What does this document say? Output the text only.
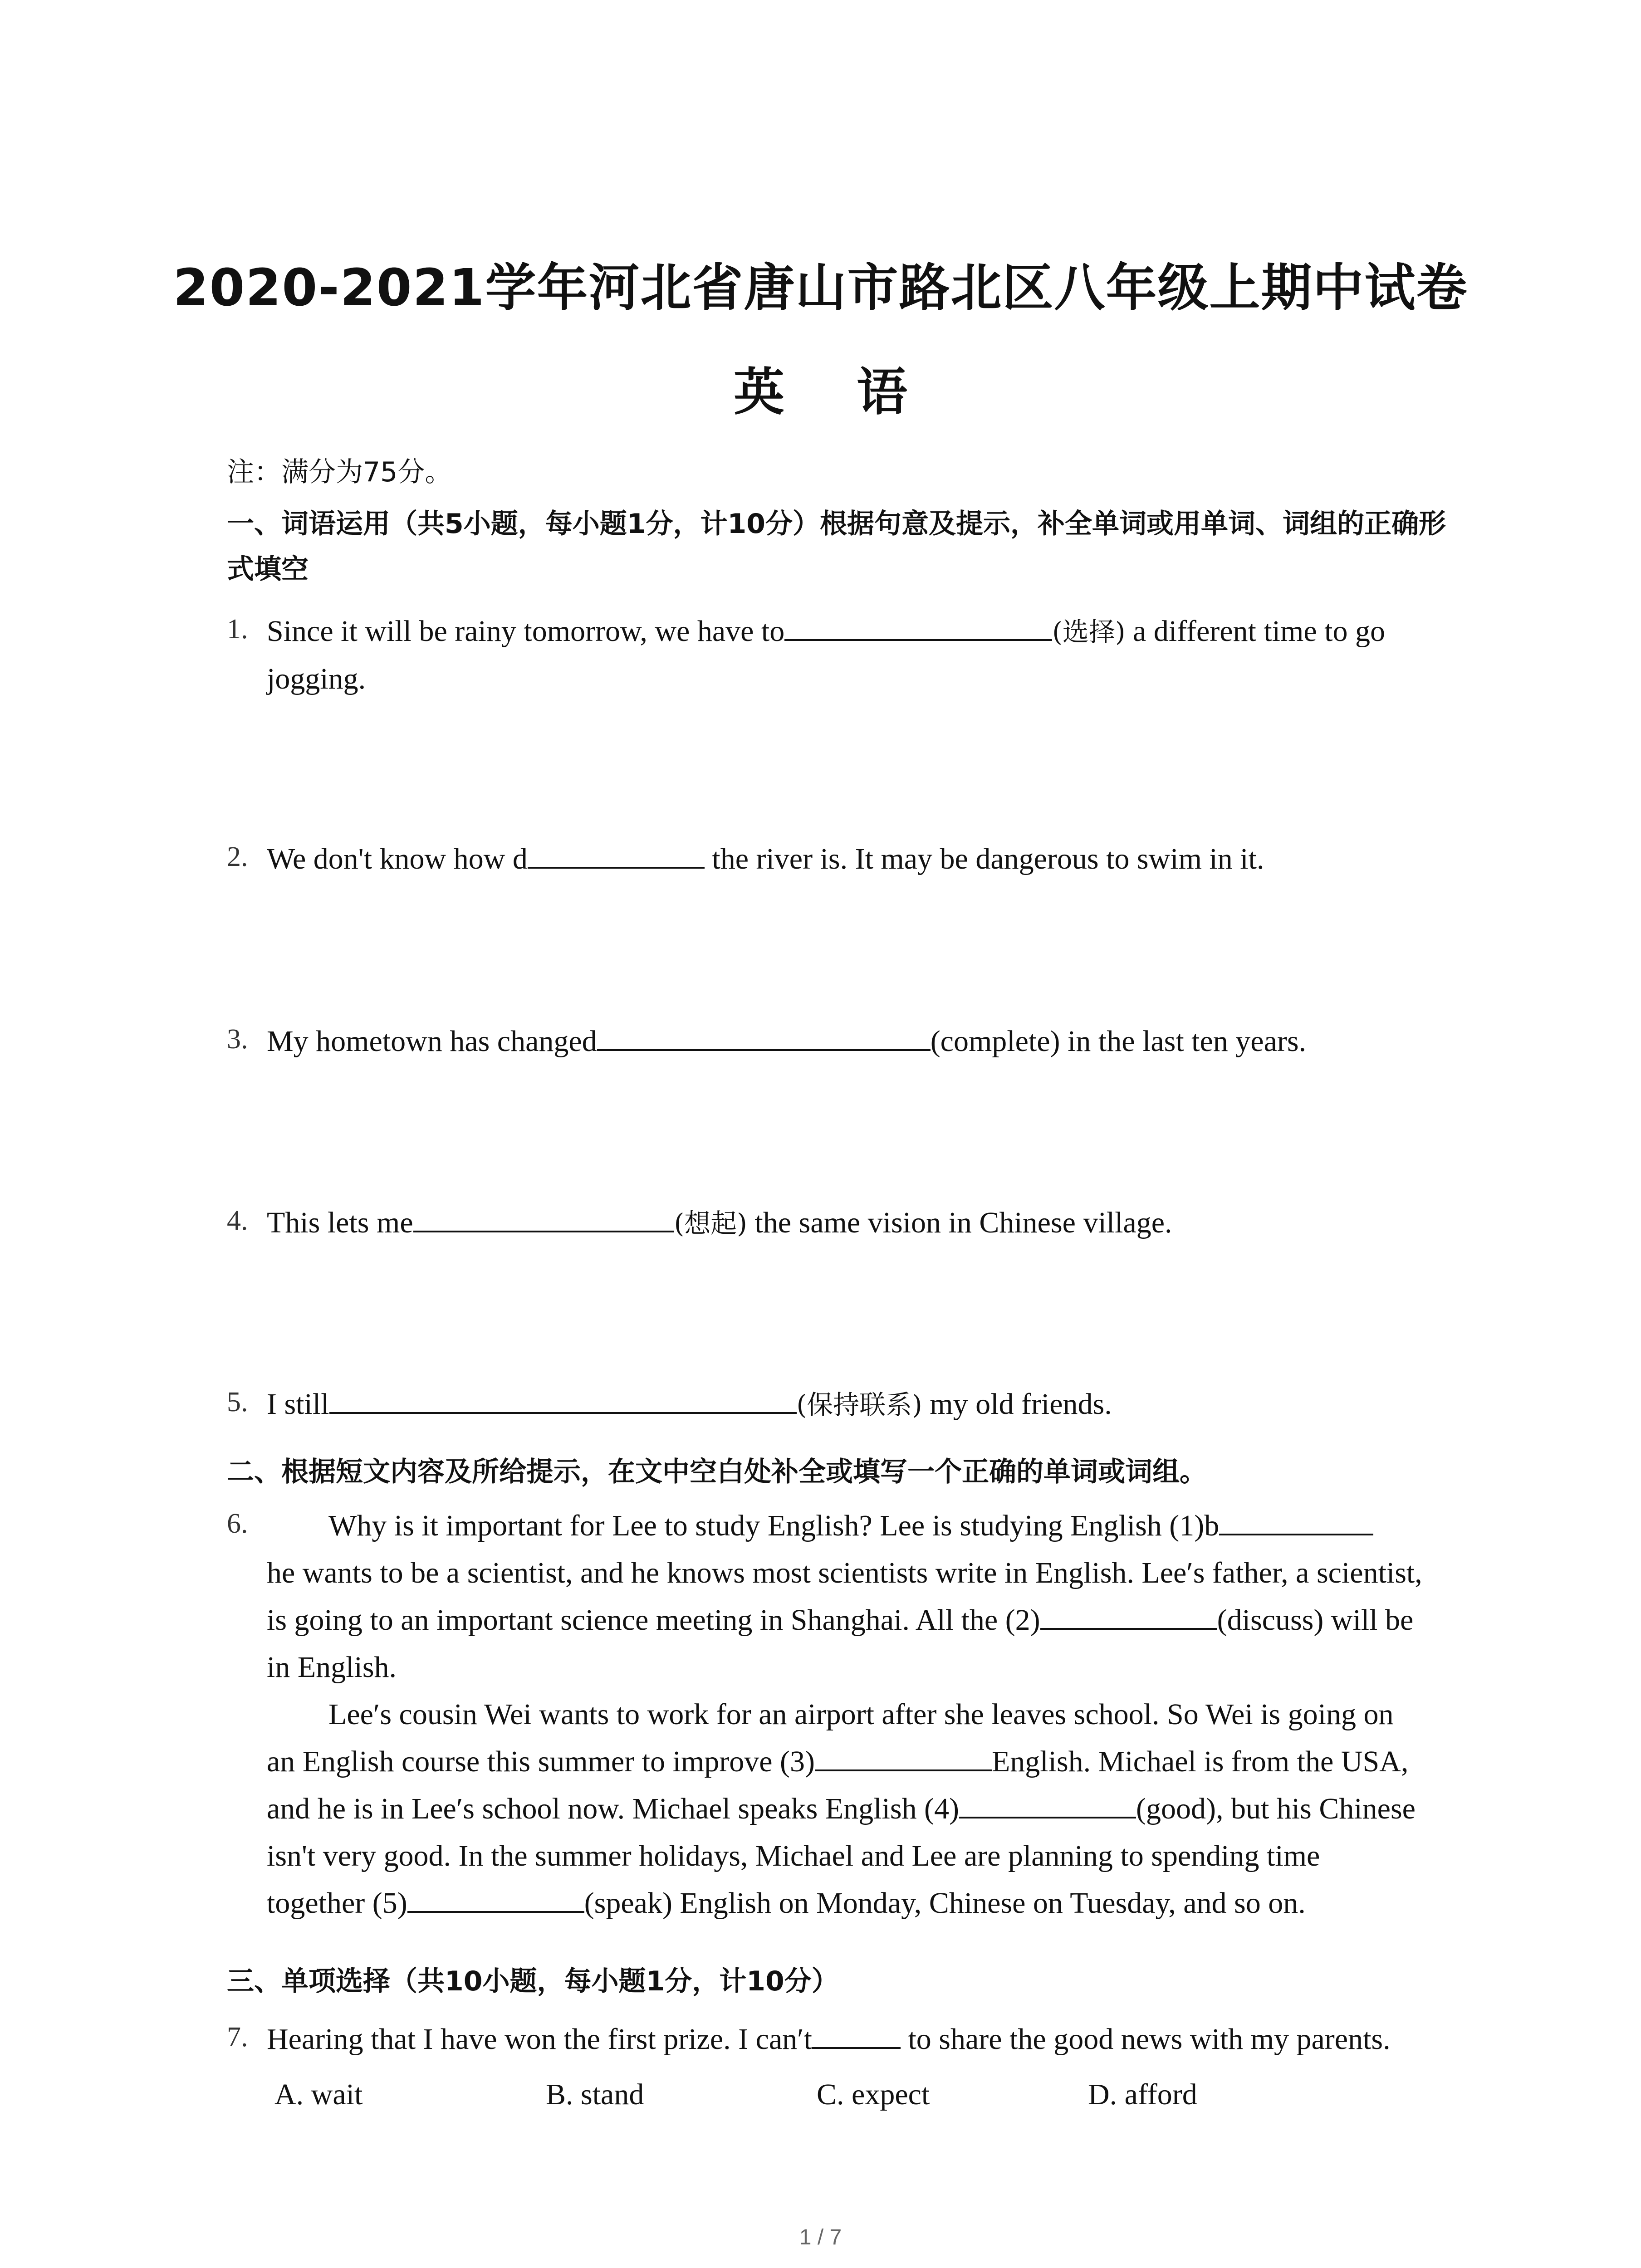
2020-2021学年河北省唐山市路北区八年级上期中试卷
英 语
注：满分为75分。
一、词语运用（共5小题，每小题1分，计10分）根据句意及提示，补全单词或用单词、词组的正确形式填空
1. Since it will be rainy tomorrow, we have to	(选择) a different time to go
jogging.
2. We don't know how d	the river is. It may be dangerous to swim in it.
3. My hometown has changed	(complete) in the last ten years.
4. This lets me	(想起) the same vision in Chinese village.
5. I still	(保持联系) my old friends.
二、根据短文内容及所给提示，在文中空白处补全或填写一个正确的单词或词组。
6.	Why is it important for Lee to study English? Lee is studying English (1)b
he wants to be a scientist, and he knows most scientists write in English. Lee′s father, a scientist,
is going to an important science meeting in Shanghai. All the (2)	(discuss) will be
in English.
Lee′s cousin Wei wants to work for an airport after she leaves school. So Wei is going on
an English course this summer to improve (3)	English. Michael is from the USA,
and he is in Lee′s school now. Michael speaks English (4)	(good), but his Chinese
isn't very good. In the summer holidays, Michael and Lee are planning to spending time
together (5)	(speak) English on Monday, Chinese on Tuesday, and so on.
三、单项选择（共10小题，每小题1分，计10分）
7. Hearing that I have won the first prize. I can′t	to share the good news with my parents.
A. wait	B. stand	C. expect	D. afford
1 / 7
